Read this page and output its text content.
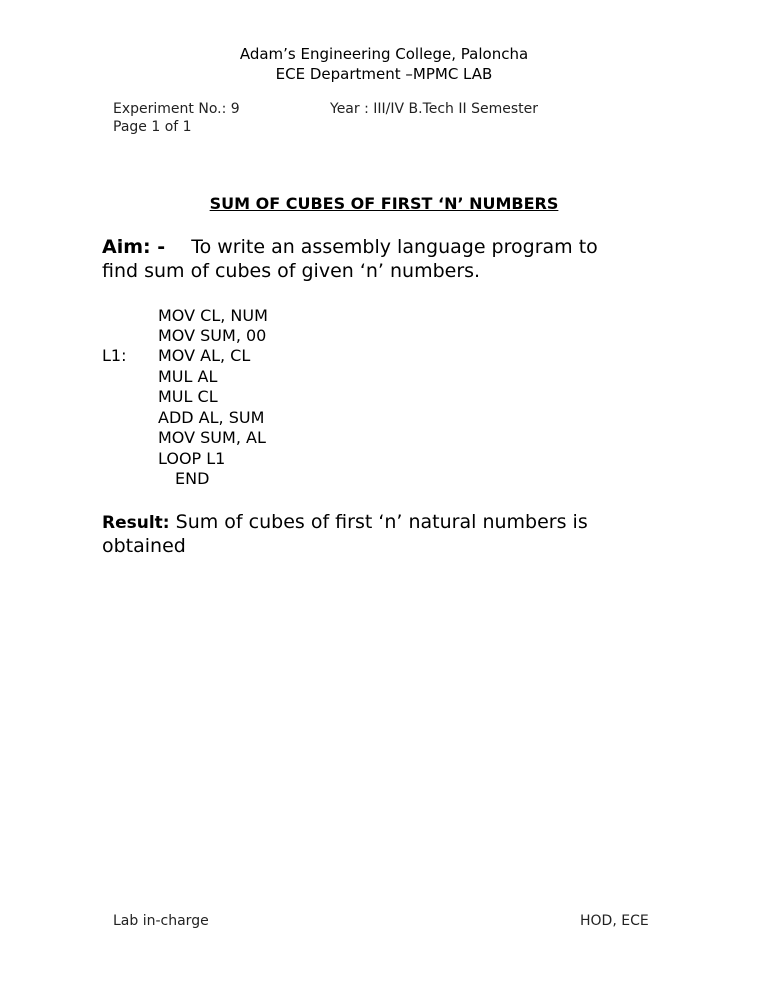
Adam’s Engineering College, Paloncha
ECE Department –MPMC LAB
Experiment No.: 9	Year : III/IV B.Tech II Semester
Page 1 of 1
SUM OF CUBES OF FIRST ‘N’ NUMBERS
Aim: - To write an assembly language program to
find sum of cubes of given ‘n’ numbers.
L1:
MOV CL, NUM
MOV SUM, 00
MOV AL, CL
MUL AL
MUL CL
ADD AL, SUM
MOV SUM, AL
LOOP L1
END
Result: Sum of cubes of first ‘n’ natural numbers is
obtained
Lab in-charge	HOD, ECE
